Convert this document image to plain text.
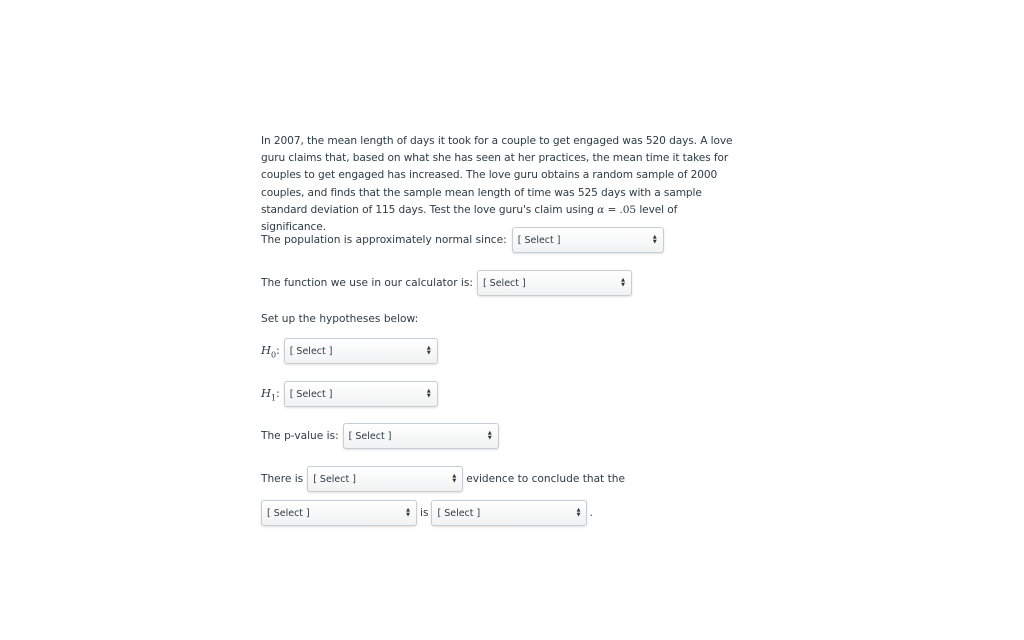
In 2007, the mean length of days it took for a couple to get engaged was 520 days. A love guru claims that, based on what she has seen at her practices, the mean time it takes for couples to get engaged has increased. The love guru obtains a random sample of 2000 couples, and finds that the sample mean length of time was 525 days with a sample standard deviation of 115 days. Test the love guru's claim using α = .05 level of significance.

The population is approximately normal since: [ Select ]	▲
▼
The function we use in our calculator is: [ Select ]	▲
▼
Set up the hypotheses below:
$H_0$ : [ Select ]	▲
▼
$H_1$ : [ Select ]	▲
▼
The p-value is: [ Select ]	▲
▼
There is [ Select ]	▲
▼ evidence to conclude that the
[ Select ]	▲
▼ is [ Select ]	▲
▼ .
